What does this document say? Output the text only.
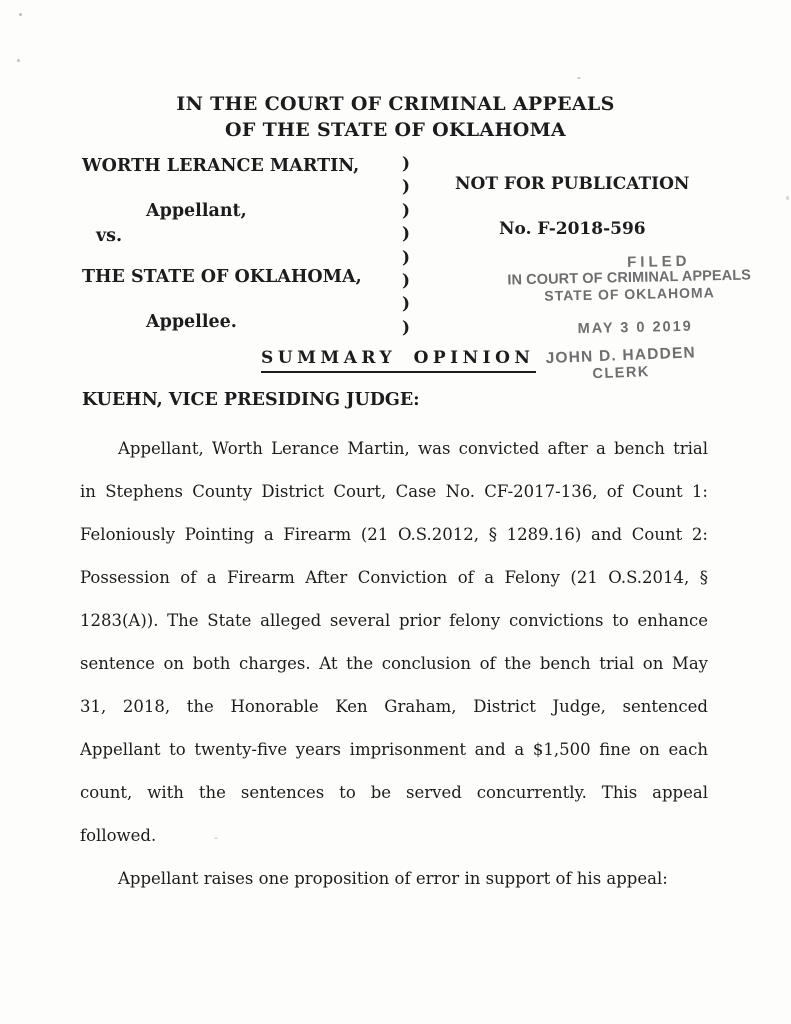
IN THE COURT OF CRIMINAL APPEALS
OF THE STATE OF OKLAHOMA
WORTH LERANCE MARTIN,
Appellant,
vs.
THE STATE OF OKLAHOMA,
Appellee.
)
)
)
)
)
)
)
)
NOT FOR PUBLICATION
No. F-2018-596
FILED
IN COURT OF CRIMINAL APPEALS
STATE OF OKLAHOMA
MAY 3 0 2019
JOHN D. HADDEN
CLERK
SUMMARY OPINION
KUEHN, VICE PRESIDING JUDGE:
Appellant, Worth Lerance Martin, was convicted after a bench trial
in Stephens County District Court, Case No. CF-2017-136, of Count 1:
Feloniously Pointing a Firearm (21 O.S.2012, § 1289.16) and Count 2:
Possession of a Firearm After Conviction of a Felony (21 O.S.2014, §
1283(A)). The State alleged several prior felony convictions to enhance
sentence on both charges. At the conclusion of the bench trial on May
31, 2018, the Honorable Ken Graham, District Judge, sentenced
Appellant to twenty-five years imprisonment and a $1,500 fine on each
count, with the sentences to be served concurrently. This appeal
followed.
Appellant raises one proposition of error in support of his appeal:
